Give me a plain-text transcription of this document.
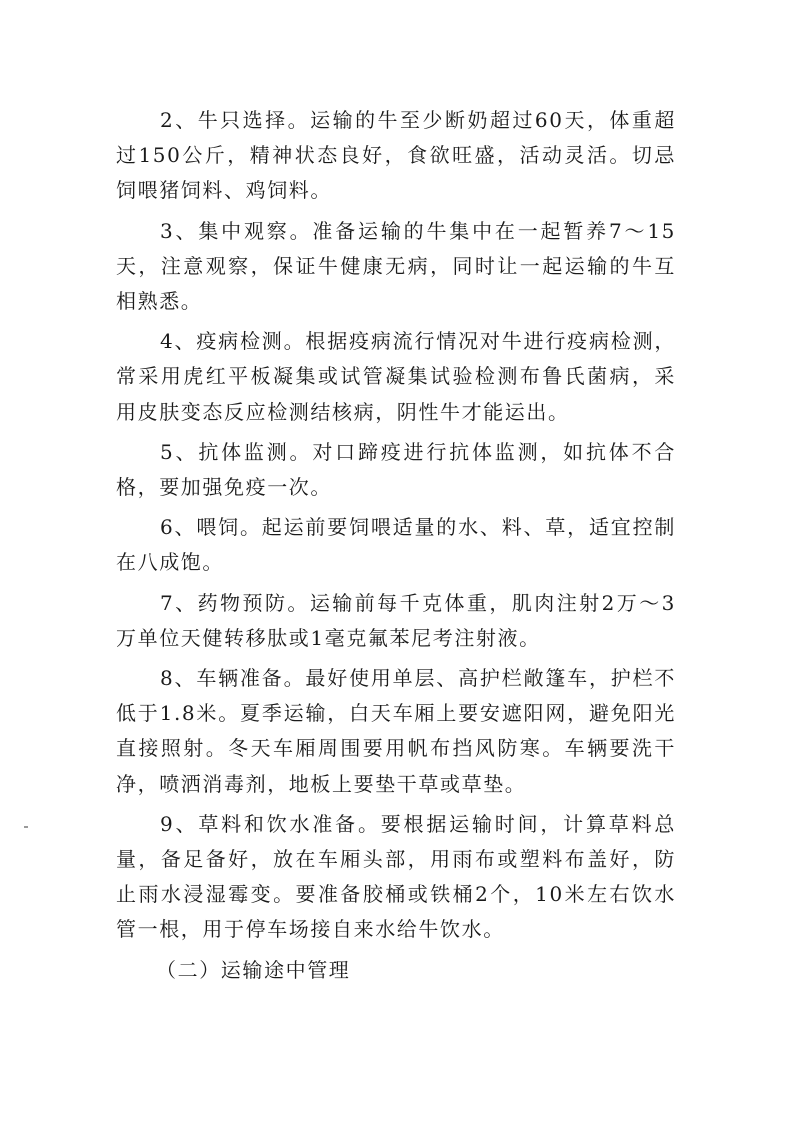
2、牛只选择。运输的牛至少断奶超过60天，体重超过150公斤，精神状态良好，食欲旺盛，活动灵活。切忌饲喂猪饲料、鸡饲料。

3、集中观察。准备运输的牛集中在一起暂养7～15天，注意观察，保证牛健康无病，同时让一起运输的牛互相熟悉。

4、疫病检测。根据疫病流行情况对牛进行疫病检测，常采用虎红平板凝集或试管凝集试验检测布鲁氏菌病，采用皮肤变态反应检测结核病，阴性牛才能运出。

5、抗体监测。对口蹄疫进行抗体监测，如抗体不合格，要加强免疫一次。

6、喂饲。起运前要饲喂适量的水、料、草，适宜控制在八成饱。

7、药物预防。运输前每千克体重，肌肉注射2万～3万单位天健转移肽或1毫克氟苯尼考注射液。

8、车辆准备。最好使用单层、高护栏敞篷车，护栏不低于1.8米。夏季运输，白天车厢上要安遮阳网，避免阳光直接照射。冬天车厢周围要用帆布挡风防寒。车辆要洗干净，喷洒消毒剂，地板上要垫干草或草垫。

9、草料和饮水准备。要根据运输时间，计算草料总量，备足备好，放在车厢头部，用雨布或塑料布盖好，防止雨水浸湿霉变。要准备胶桶或铁桶2个，10米左右饮水管一根，用于停车场接自来水给牛饮水。

（二）运输途中管理
